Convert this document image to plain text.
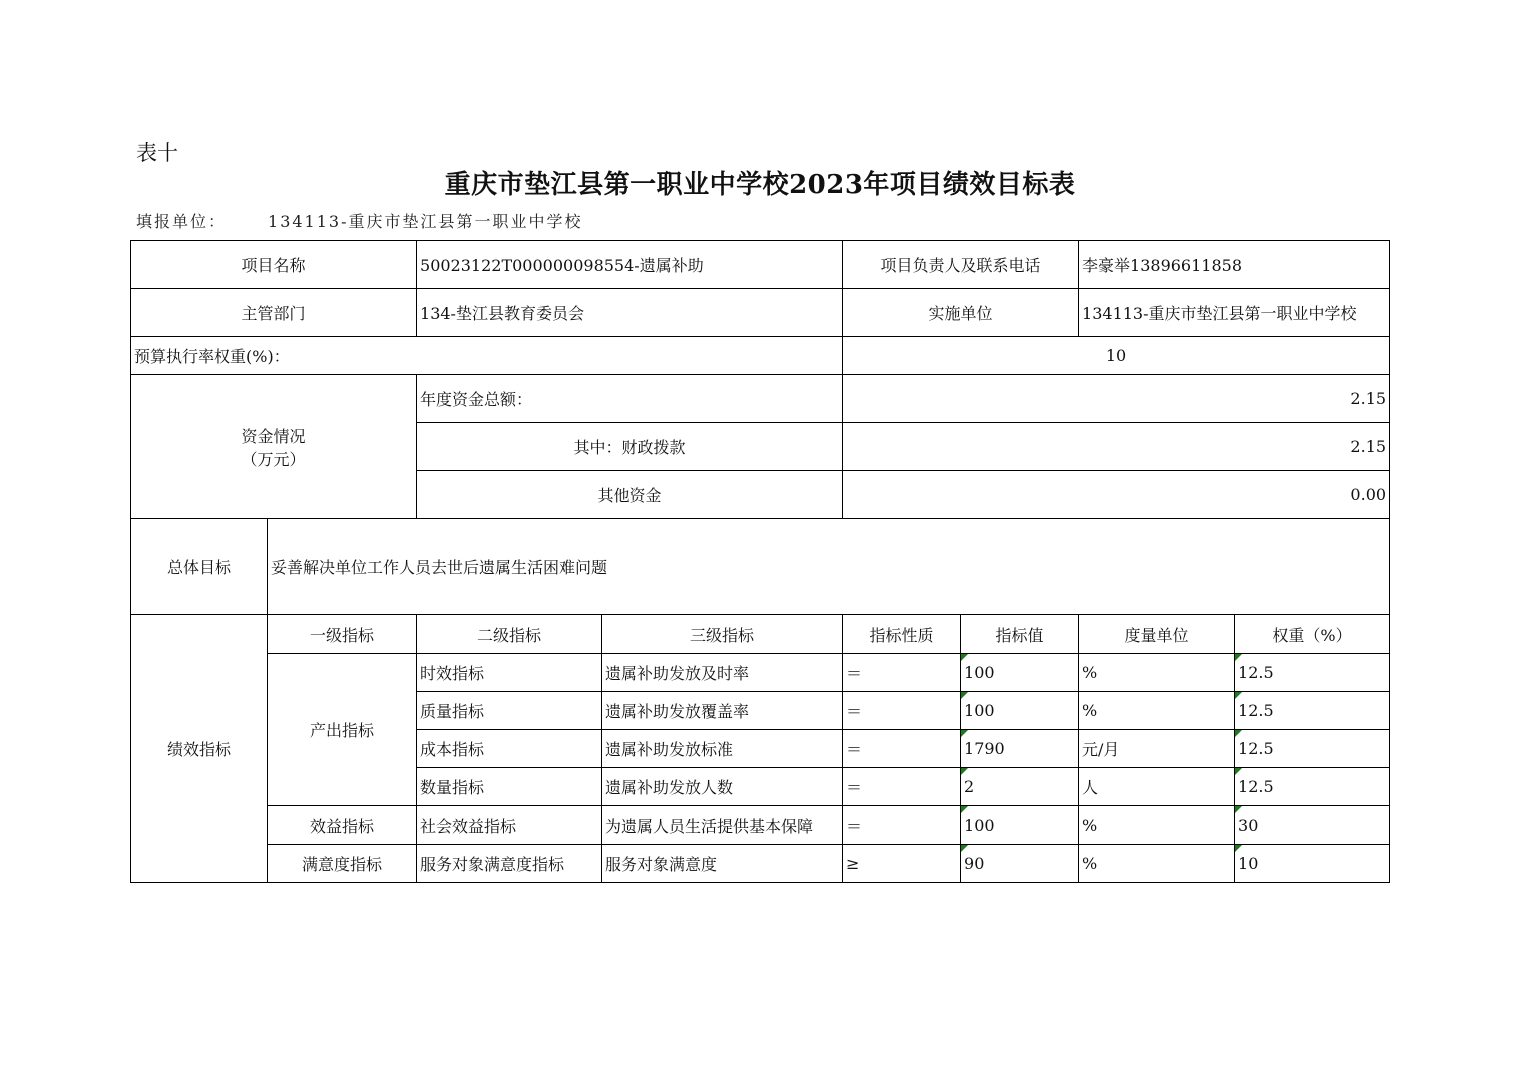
表十
重庆市垫江县第一职业中学校2023年项目绩效目标表
填报单位：	134113-重庆市垫江县第一职业中学校
项目名称		50023122T000000098554-遗属补助		项目负责人及联系电话		李豪举13896611858	
主管部门		134-垫江县教育委员会		实施单位		134113-重庆市垫江县第一职业中学校	
预算执行率权重(%)：				10			

资金情况
（万元）		年度资金总额：		2.15			
		其中：财政拨款		2.15			
		其他资金		0.00			
总体目标	妥善解决单位工作人员去世后遗属生活困难问题						
绩效指标	一级指标	二级指标	三级指标	指标性质	指标值	度量单位	权重（%）
	产出指标	时效指标	遗属补助发放及时率	＝	100	%	12.5
		质量指标	遗属补助发放覆盖率	＝	100	%	12.5
		成本指标	遗属补助发放标准	＝	1790	元/月	12.5
		数量指标	遗属补助发放人数	＝	2	人	12.5
	效益指标	社会效益指标	为遗属人员生活提供基本保障	＝	100	%	30
	满意度指标	服务对象满意度指标	服务对象满意度	≥	90	%	10
